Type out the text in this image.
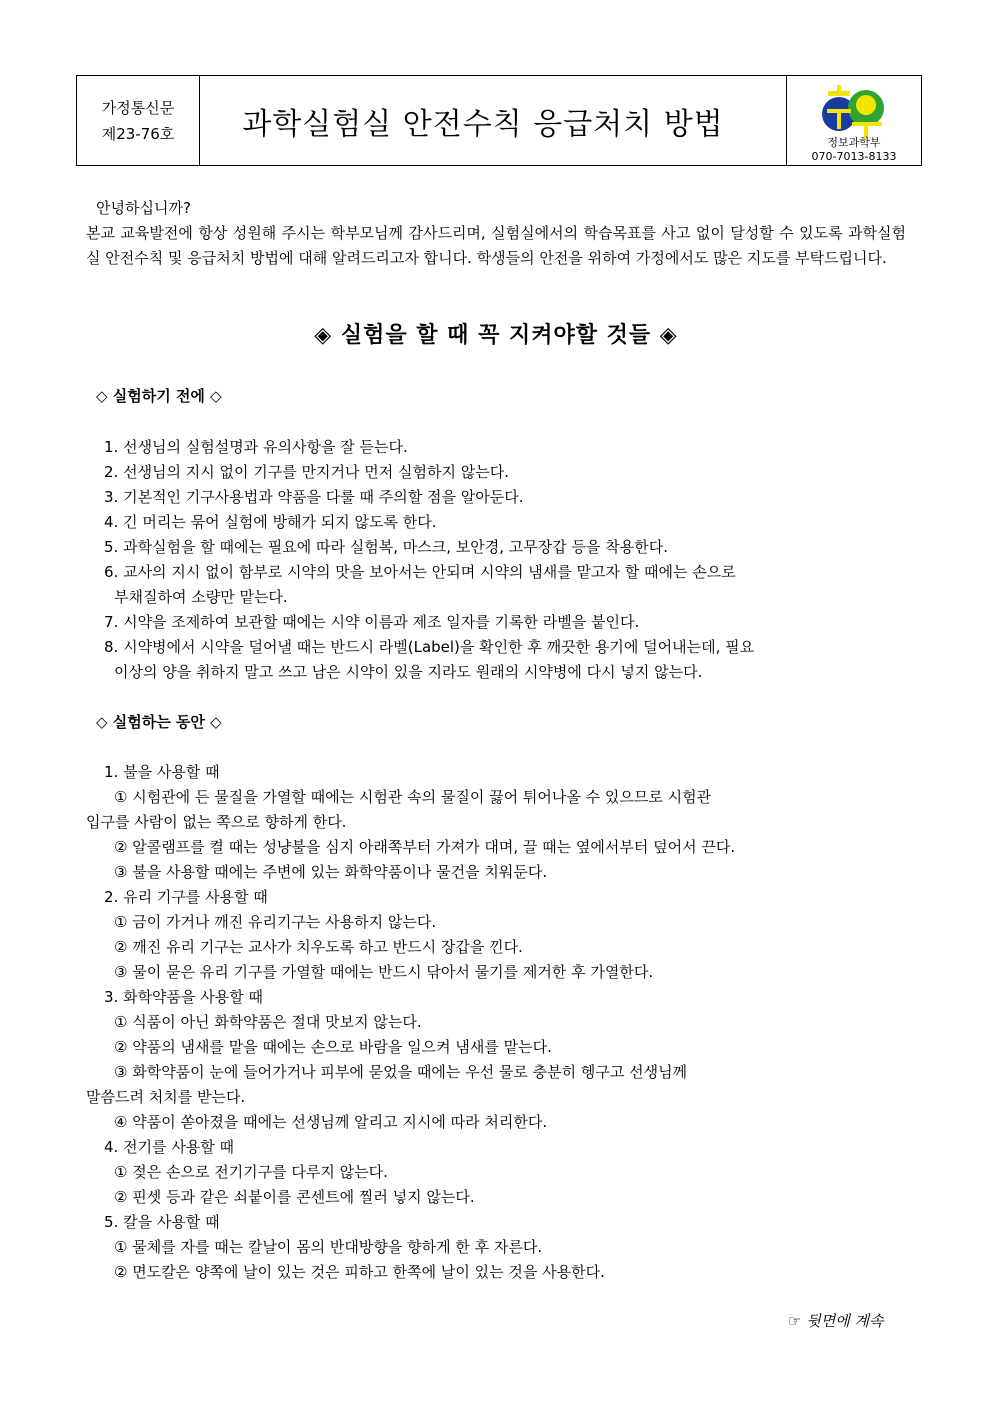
가정통신문
제23-76호	과학실험실 안전수칙 응급처치 방법
정보과학부
070-7013-8133
안녕하십니까?

본교 교육발전에 항상 성원해 주시는 학부모님께 감사드리며, 실험실에서의 학습목표를 사고 없이 달성할 수 있도록 과학실험실 안전수칙 및 응급처치 방법에 대해 알려드리고자 합니다. 학생들의 안전을 위하여 가정에서도 많은 지도를 부탁드립니다.

◈ 실험을 할 때 꼭 지켜야할 것들 ◈
◇ 실험하기 전에 ◇
1. 선생님의 실험설명과 유의사항을 잘 듣는다.
2. 선생님의 지시 없이 기구를 만지거나 먼저 실험하지 않는다.
3. 기본적인 기구사용법과 약품을 다룰 때 주의할 점을 알아둔다.
4. 긴 머리는 묶어 실험에 방해가 되지 않도록 한다.
5. 과학실험을 할 때에는 필요에 따라 실험복, 마스크, 보안경, 고무장갑 등을 착용한다.
6. 교사의 지시 없이 함부로 시약의 맛을 보아서는 안되며 시약의 냄새를 맡고자 할 때에는 손으로
부채질하여 소량만 맡는다.
7. 시약을 조제하여 보관할 때에는 시약 이름과 제조 일자를 기록한 라벨을 붙인다.
8. 시약병에서 시약을 덜어낼 때는 반드시 라벨(Label)을 확인한 후 깨끗한 용기에 덜어내는데, 필요
이상의 양을 취하지 말고 쓰고 남은 시약이 있을 지라도 원래의 시약병에 다시 넣지 않는다.
◇ 실험하는 동안 ◇
1. 불을 사용할 때
① 시험관에 든 물질을 가열할 때에는 시험관 속의 물질이 끓어 튀어나올 수 있으므로 시험관
입구를 사람이 없는 쪽으로 향하게 한다.
② 알콜램프를 켤 때는 성냥불을 심지 아래쪽부터 가져가 대며, 끌 때는 옆에서부터 덮어서 끈다.
③ 불을 사용할 때에는 주변에 있는 화학약품이나 물건을 치워둔다.
2. 유리 기구를 사용할 때
① 금이 가거나 깨진 유리기구는 사용하지 않는다.
② 깨진 유리 기구는 교사가 치우도록 하고 반드시 장갑을 낀다.
③ 물이 묻은 유리 기구를 가열할 때에는 반드시 닦아서 물기를 제거한 후 가열한다.
3. 화학약품을 사용할 때
① 식품이 아닌 화학약품은 절대 맛보지 않는다.
② 약품의 냄새를 맡을 때에는 손으로 바람을 일으켜 냄새를 맡는다.
③ 화학약품이 눈에 들어가거나 피부에 묻었을 때에는 우선 물로 충분히 헹구고 선생님께
말씀드려 처치를 받는다.
④ 약품이 쏟아졌을 때에는 선생님께 알리고 지시에 따라 처리한다.
4. 전기를 사용할 때
① 젖은 손으로 전기기구를 다루지 않는다.
② 핀셋 등과 같은 쇠붙이를 콘센트에 찔러 넣지 않는다.
5. 칼을 사용할 때
① 물체를 자를 때는 칼날이 몸의 반대방향을 향하게 한 후 자른다.
② 면도칼은 양쪽에 날이 있는 것은 피하고 한쪽에 날이 있는 것을 사용한다.
☞ 뒷면에 계속
